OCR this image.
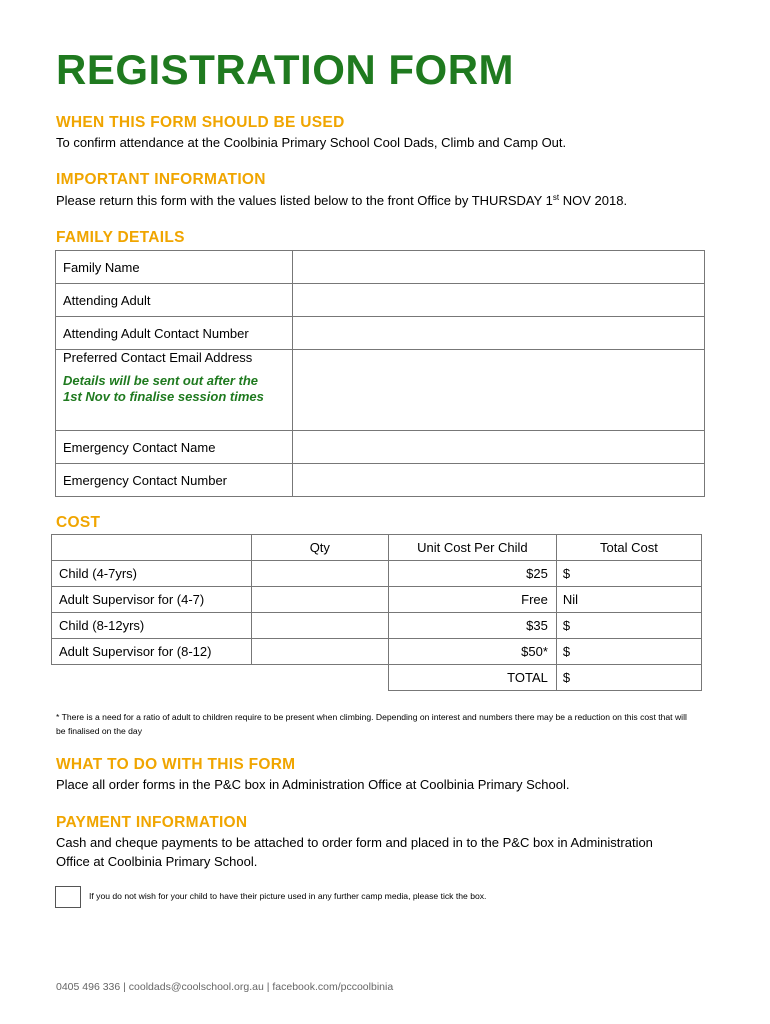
REGISTRATION FORM
WHEN THIS FORM SHOULD BE USED

To confirm attendance at the Coolbinia Primary School Cool Dads, Climb and Camp Out.

IMPORTANT INFORMATION

Please return this form with the values listed below to the front Office by THURSDAY 1st NOV 2018.

FAMILY DETAILS
Family Name	
Attending Adult	
Attending Adult Contact Number	
Preferred Contact Email Address
Details will be sent out after the 1st Nov to finalise session times	

Emergency Contact Name	
Emergency Contact Number	
COST
	Qty	Unit Cost Per Child	Total Cost
Child (4-7yrs)		$25	$
Adult Supervisor for (4-7)		Free	Nil
Child (8-12yrs)		$35	$
Adult Supervisor for (8-12)		$50*	$
		TOTAL	$

* There is a need for a ratio of adult to children require to be present when climbing. Depending on interest and numbers there may be a reduction on this cost that will be finalised on the day

WHAT TO DO WITH THIS FORM

Place all order forms in the P&C box in Administration Office at Coolbinia Primary School.

PAYMENT INFORMATION

Cash and cheque payments to be attached to order form and placed in to the P&C box in Administration Office at Coolbinia Primary School.

If you do not wish for your child to have their picture used in any further camp media, please tick the box.

0405 496 336 | cooldads@coolschool.org.au | facebook.com/pccoolbinia
